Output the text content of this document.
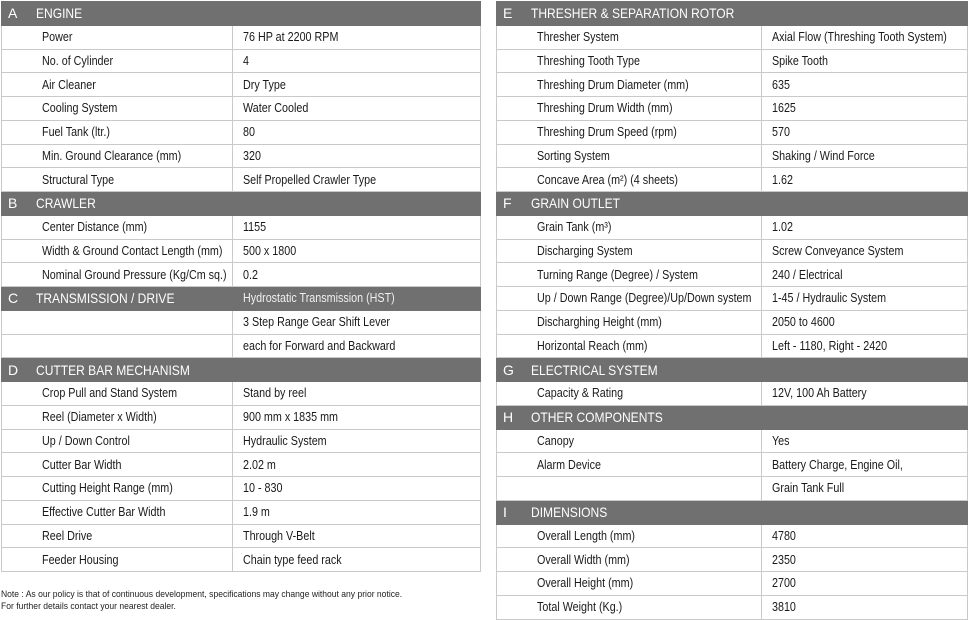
A	ENGINE	
Power		76 HP at 2200 RPM
No. of Cylinder		4
Air Cleaner		Dry Type
Cooling System		Water Cooled
Fuel Tank (ltr.)		80
Min. Ground Clearance (mm)		320
Structural Type		Self Propelled Crawler Type
B	CRAWLER	
Center Distance (mm)		1155
Width & Ground Contact Length (mm)		500 x 1800
Nominal Ground Pressure (Kg/Cm sq.)		0.2
C	TRANSMISSION / DRIVE	Hydrostatic Transmission (HST)
		3 Step Range Gear Shift Lever
		each for Forward and Backward
D	CUTTER BAR MECHANISM	
Crop Pull and Stand System		Stand by reel
Reel (Diameter x Width)		900 mm x 1835 mm
Up / Down Control		Hydraulic System
Cutter Bar Width		2.02 m
Cutting Height Range (mm)		10 - 830
Effective Cutter Bar Width		1.9 m
Reel Drive		Through V-Belt
Feeder Housing		Chain type feed rack
E	THRESHER & SEPARATION ROTOR	
Thresher System		Axial Flow (Threshing Tooth System)
Threshing Tooth Type		Spike Tooth
Threshing Drum Diameter (mm)		635
Threshing Drum Width (mm)		1625
Threshing Drum Speed (rpm)		570
Sorting System		Shaking / Wind Force
Concave Area (m²) (4 sheets)		1.62
F	GRAIN OUTLET	
Grain Tank (m³)		1.02
Discharging System		Screw Conveyance System
Turning Range (Degree) / System		240 / Electrical
Up / Down Range (Degree)/Up/Down system		1-45 / Hydraulic System
Discharghing Height (mm)		2050 to 4600
Horizontal Reach (mm)		Left - 1180, Right - 2420
G	ELECTRICAL SYSTEM	
Capacity & Rating		12V, 100 Ah Battery
H	OTHER COMPONENTS	
Canopy		Yes
Alarm Device		Battery Charge, Engine Oil,
		Grain Tank Full
I	DIMENSIONS	
Overall Length (mm)		4780
Overall Width (mm)		2350
Overall Height (mm)		2700
Total Weight (Kg.)		3810
Note : As our policy is that of continuous development, specifications may change without any prior notice.
For further details contact your nearest dealer.
